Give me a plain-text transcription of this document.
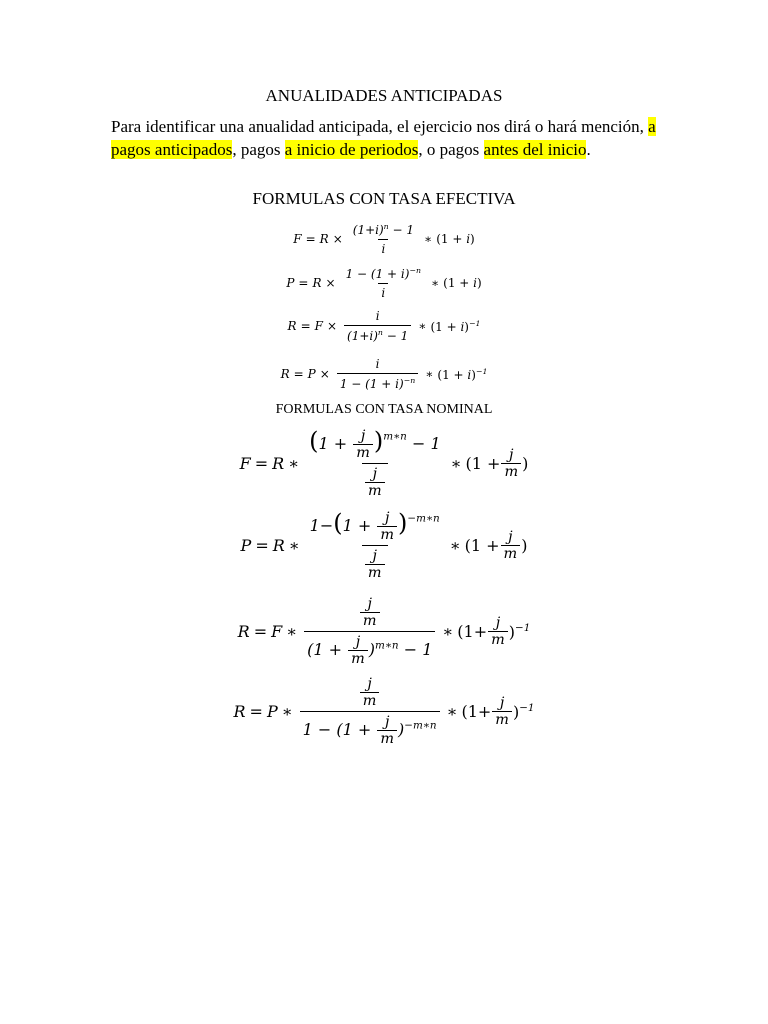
ANUALIDADES ANTICIPADAS
Para identificar una anualidad anticipada, el ejercicio nos dirá o hará mención, a pagos anticipados, pagos a inicio de periodos, o pagos antes del inicio.
FORMULAS CON TASA EFECTIVA
$F = R \times \frac{(1+i)^n - 1}{i}$ ∗ (1 + i)
$P = R \times \frac{1 - (1 + i)^{-n}}{i}$ ∗ (1 + i)
$R = F \times \frac{i}{(1+i)^n - 1}$ ∗ $(1 + i)^{-1}$
$R = P \times \frac{i}{1 - (1 + i)^{-n}}$ ∗ $(1 + i)^{-1}$
FORMULAS CON TASA NOMINAL
F = R ∗ $\frac{(1 + \frac{j}{m} )^{m∗n} - 1}{\frac{j}{m}}$ ∗ ($1 + \frac{j}{m}$ )
P = R ∗ $\frac{1-(1 + \frac{j}{m} )^{-m∗n}}{\frac{j}{m}}$ ∗ ($1 + \frac{j}{m}$ )
R = F ∗ $\frac{\frac{j}{m}}{(1 + \frac{j}{m} )^{m∗n} - 1}$ ∗ $(1+ \frac{j}{m} )^{-1}$
R = P ∗ $\frac{\frac{j}{m}}{1 - (1 + \frac{j}{m} )^{-m∗n}}$ ∗ $(1+ \frac{j}{m} )^{-1}$
